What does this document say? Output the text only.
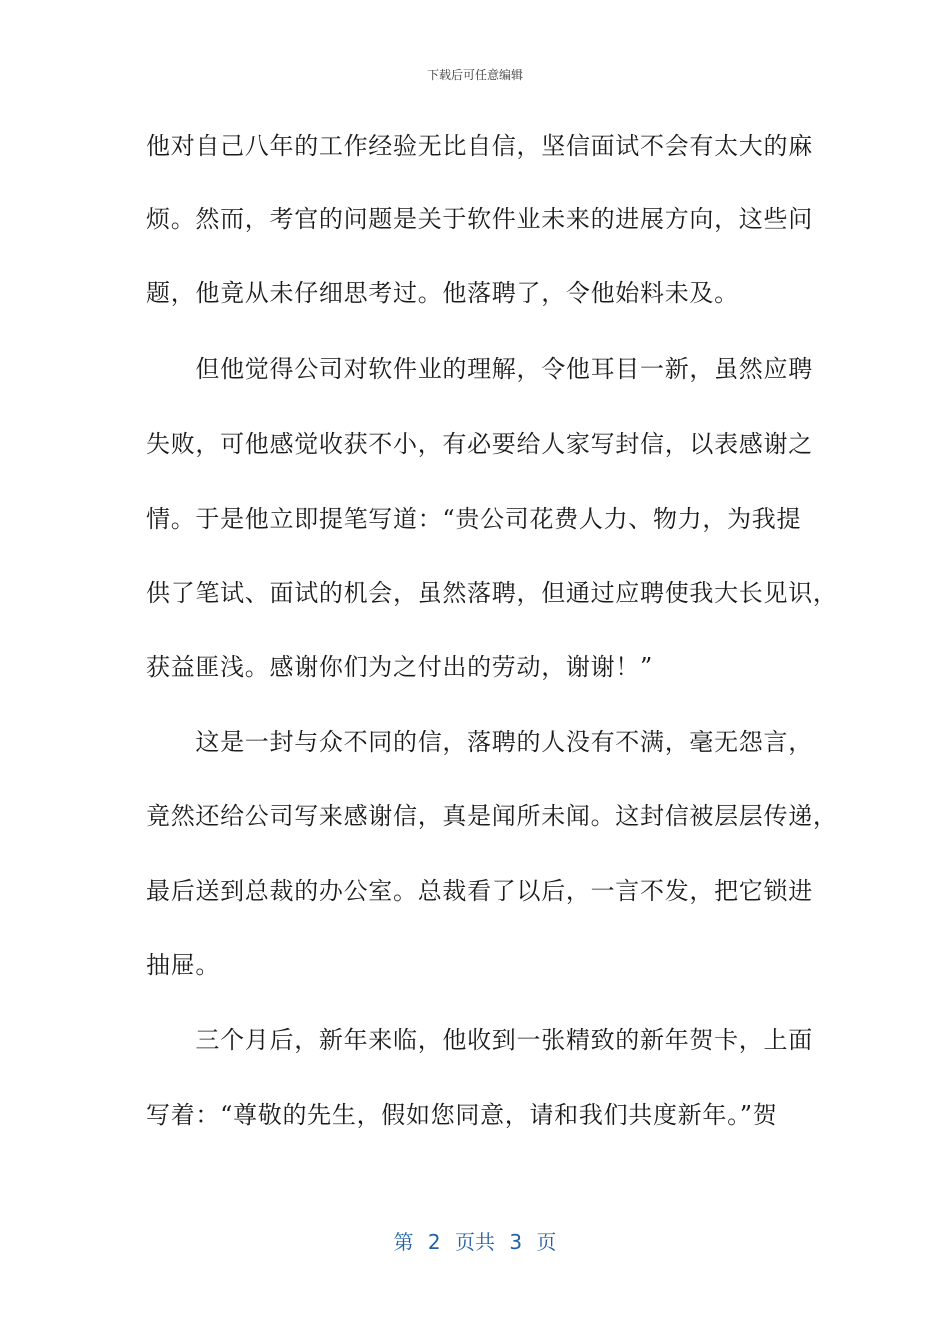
下载后可任意编辑
他对自己八年的工作经验无比自信，坚信面试不会有太大的麻
烦。然而，考官的问题是关于软件业未来的进展方向，这些问
题，他竟从未仔细思考过。他落聘了，令他始料未及。
　　但他觉得公司对软件业的理解，令他耳目一新，虽然应聘
失败，可他感觉收获不小，有必要给人家写封信，以表感谢之
情。于是他立即提笔写道：“贵公司花费人力、物力，为我提
供了笔试、面试的机会，虽然落聘，但通过应聘使我大长见识，
获益匪浅。感谢你们为之付出的劳动，谢谢！”
　　这是一封与众不同的信，落聘的人没有不满，毫无怨言，
竟然还给公司写来感谢信，真是闻所未闻。这封信被层层传递，
最后送到总裁的办公室。总裁看了以后，一言不发，把它锁进
抽屉。
　　三个月后，新年来临，他收到一张精致的新年贺卡，上面
写着：“尊敬的先生，假如您同意，请和我们共度新年。”贺
第 2 页共 3 页
